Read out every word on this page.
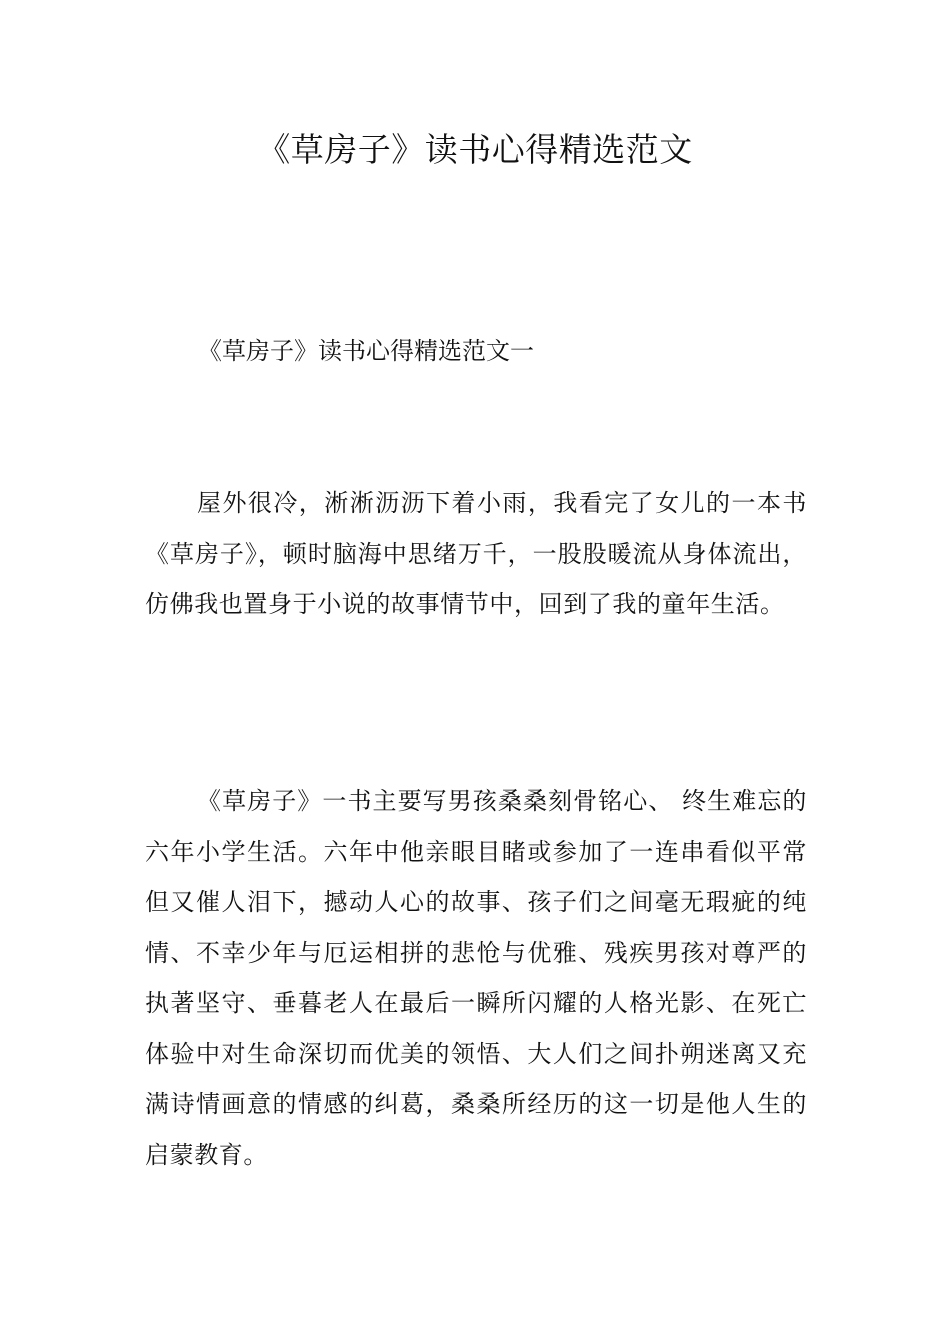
《草房子》读书心得精选范文

《草房子》读书心得精选范文一

屋外很冷，淅淅沥沥下着小雨，我看完了女儿的一本书《草房子》，顿时脑海中思绪万千，一股股暖流从身体流出，仿佛我也置身于小说的故事情节中，回到了我的童年生活。

《草房子》一书主要写男孩桑桑刻骨铭心、 终生难忘的六年小学生活。六年中他亲眼目睹或参加了一连串看似平常但又催人泪下，撼动人心的故事、孩子们之间毫无瑕疵的纯情、不幸少年与厄运相拼的悲怆与优雅、残疾男孩对尊严的执著坚守、垂暮老人在最后一瞬所闪耀的人格光影、在死亡体验中对生命深切而优美的领悟、大人们之间扑朔迷离又充满诗情画意的情感的纠葛，桑桑所经历的这一切是他人生的启蒙教育。
